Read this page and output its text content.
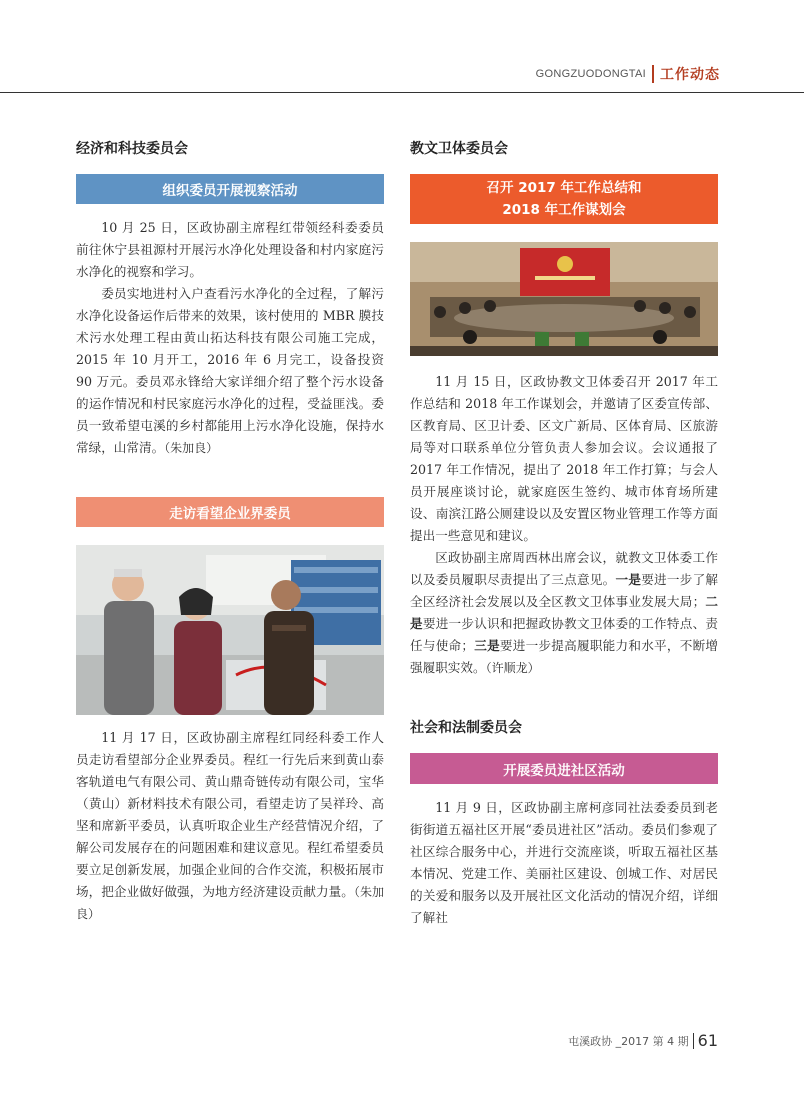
GONGZUODONGTAI 工作动态
经济和科技委员会
组织委员开展视察活动

10 月 25 日，区政协副主席程红带领经科委委员前往休宁县祖源村开展污水净化处理设备和村内家庭污水净化的视察和学习。

委员实地进村入户查看污水净化的全过程，了解污水净化设备运作后带来的效果，该村使用的 MBR 膜技术污水处理工程由黄山拓达科技有限公司施工完成，2015 年 10 月开工，2016 年 6 月完工，设备投资 90 万元。委员邓永锋给大家详细介绍了整个污水设备的运作情况和村民家庭污水净化的过程，受益匪浅。委员一致希望屯溪的乡村都能用上污水净化设施，保持水常绿，山常清。（朱加良）

走访看望企业界委员

11 月 17 日，区政协副主席程红同经科委工作人员走访看望部分企业界委员。程红一行先后来到黄山泰客轨道电气有限公司、黄山鼎奇链传动有限公司，宝华（黄山）新材料技术有限公司，看望走访了吴祥玲、高坚和席新平委员，认真听取企业生产经营情况介绍，了解公司发展存在的问题困难和建议意见。程红希望委员要立足创新发展，加强企业间的合作交流，积极拓展市场，把企业做好做强，为地方经济建设贡献力量。（朱加良）

教文卫体委员会
召开 2017 年工作总结和
2018 年工作谋划会

11 月 15 日，区政协教文卫体委召开 2017 年工作总结和 2018 年工作谋划会，并邀请了区委宣传部、区教育局、区卫计委、区文广新局、区体育局、区旅游局等对口联系单位分管负责人参加会议。会议通报了 2017 年工作情况，提出了 2018 年工作打算；与会人员开展座谈讨论，就家庭医生签约、城市体育场所建设、南滨江路公厕建设以及安置区物业管理工作等方面提出一些意见和建议。

区政协副主席周西林出席会议，就教文卫体委工作以及委员履职尽责提出了三点意见。一是要进一步了解全区经济社会发展以及全区教文卫体事业发展大局；二是要进一步认识和把握政协教文卫体委的工作特点、责任与使命；三是要进一步提高履职能力和水平，不断增强履职实效。（许顺龙）

社会和法制委员会
开展委员进社区活动

11 月 9 日，区政协副主席柯彦同社法委委员到老街街道五福社区开展“委员进社区”活动。委员们参观了社区综合服务中心，并进行交流座谈，听取五福社区基本情况、党建工作、美丽社区建设、创城工作、对居民的关爱和服务以及开展社区文化活动的情况介绍，详细了解社

屯溪政协 _2017 第 4 期 61
